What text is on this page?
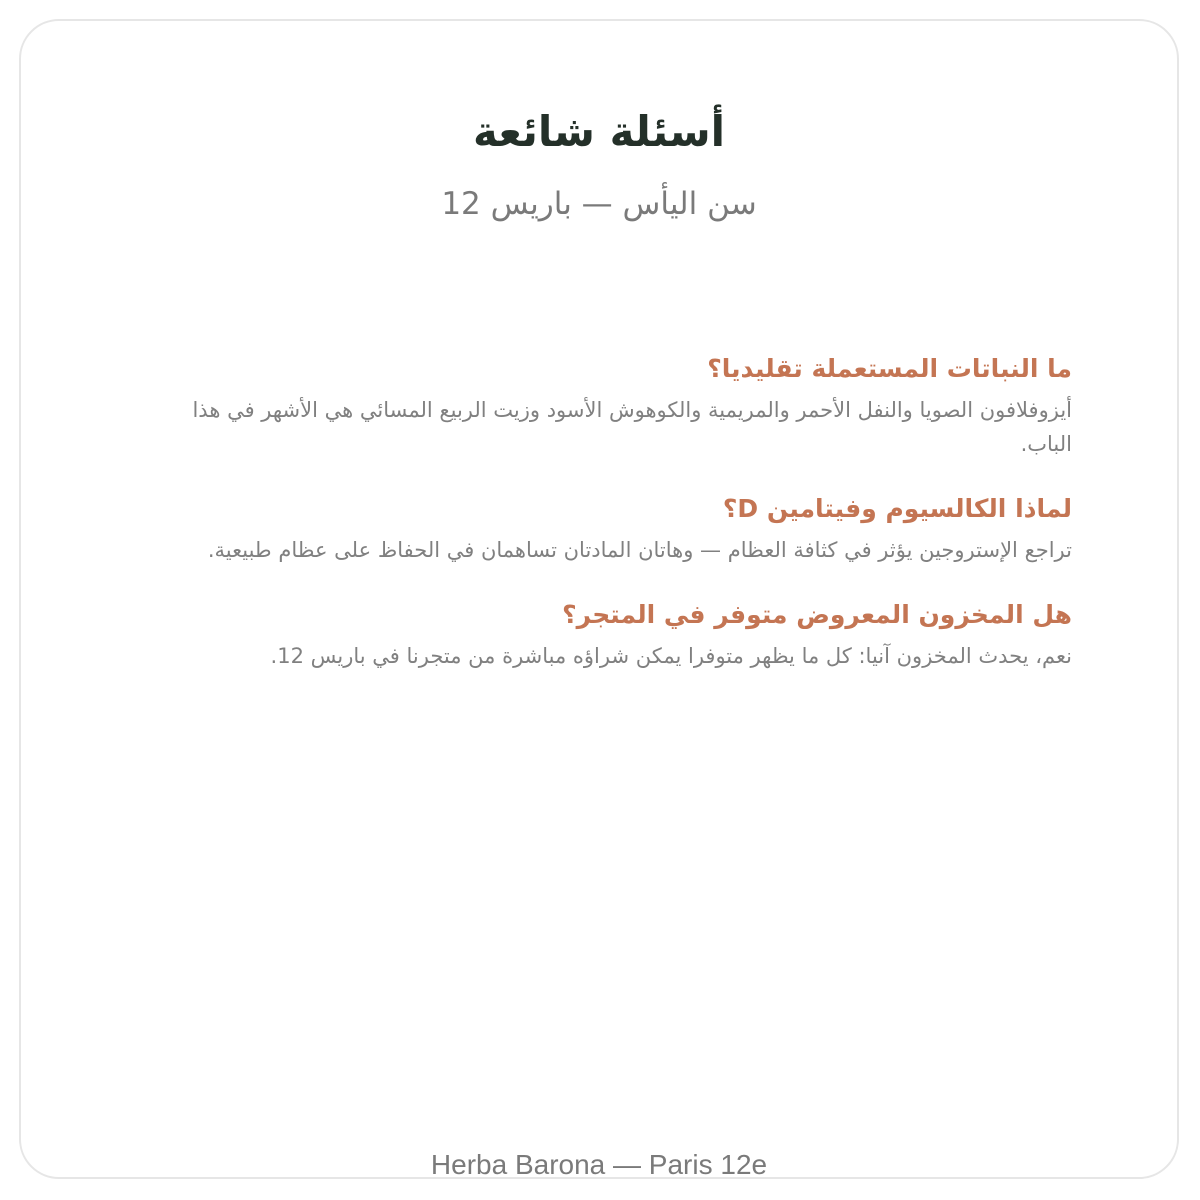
أسئلة شائعة

سن اليأس — باريس 12

ما النباتات المستعملة تقليديا؟

أيزوفلافون الصويا والنفل الأحمر والمريمية والكوهوش الأسود وزيت الربيع المسائي هي الأشهر في هذا الباب.

لماذا الكالسيوم وفيتامين D؟

تراجع الإستروجين يؤثر في كثافة العظام — وهاتان المادتان تساهمان في الحفاظ على عظام طبيعية.

هل المخزون المعروض متوفر في المتجر؟

نعم، يحدث المخزون آنيا: كل ما يظهر متوفرا يمكن شراؤه مباشرة من متجرنا في باريس 12.

Herba Barona — Paris 12e
